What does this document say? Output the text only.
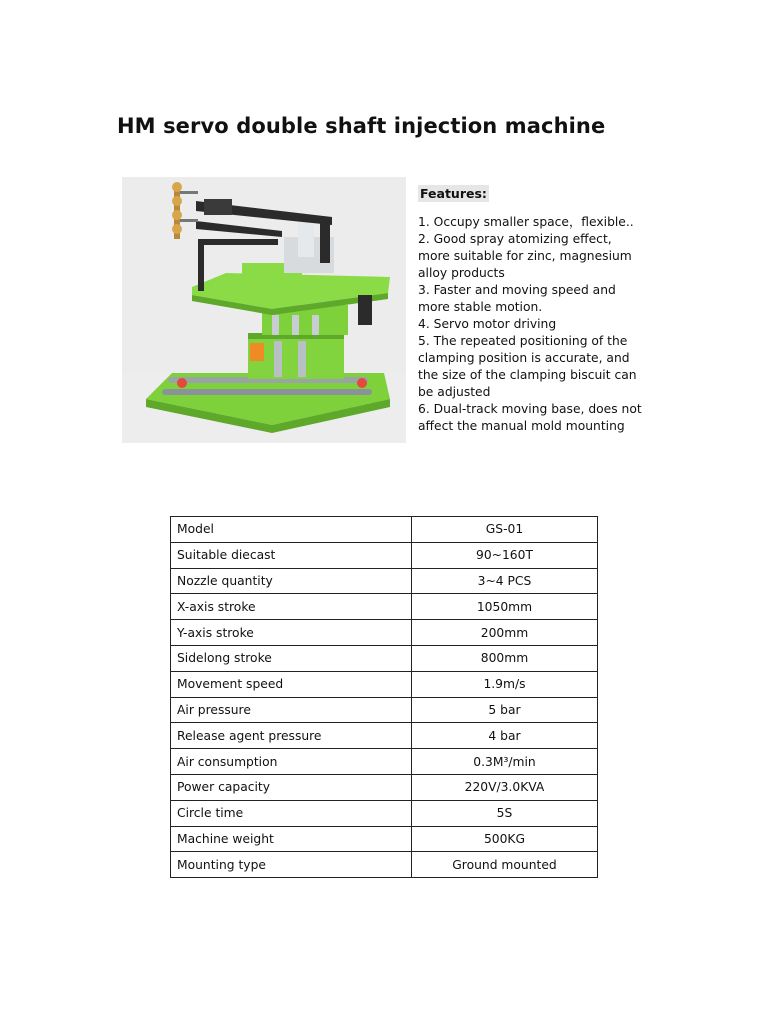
HM servo double shaft injection machine
Features:
1. Occupy smaller space，flexible..
2. Good spray atomizing effect,
more suitable for zinc, magnesium
alloy products
3. Faster and moving speed and
more stable motion.
4. Servo motor driving
5. The repeated positioning of the
clamping position is accurate, and
the size of the clamping biscuit can
be adjusted
6. Dual-track moving base, does not
affect the manual mold mounting
Model	GS-01
Suitable diecast	90~160T
Nozzle quantity	3~4 PCS
X-axis stroke	1050mm
Y-axis stroke	200mm
Sidelong stroke	800mm
Movement speed	1.9m/s
Air pressure	5 bar
Release agent pressure	4 bar
Air consumption	0.3M³/min
Power capacity	220V/3.0KVA
Circle time	5S
Machine weight	500KG
Mounting type	Ground mounted
